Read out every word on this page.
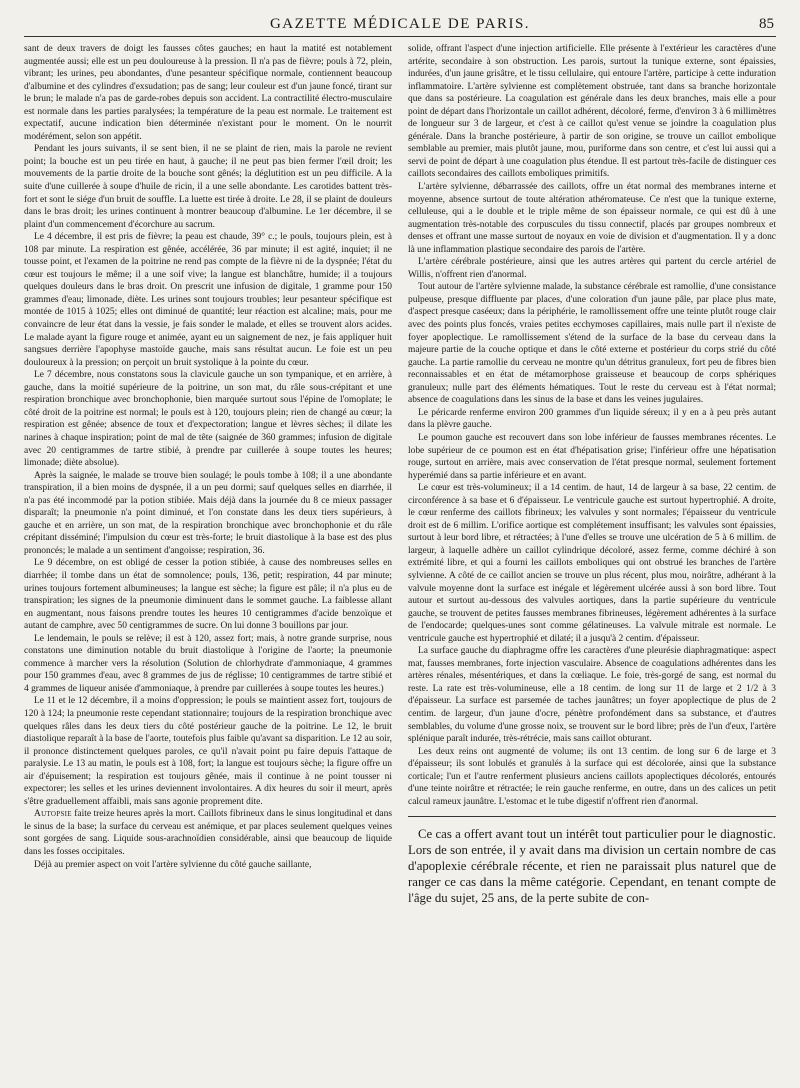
GAZETTE MÉDICALE DE PARIS.	85

sant de deux travers de doigt les fausses côtes gauches; en haut la matité est notablement augmentée aussi; elle est un peu douloureuse à la pression. Il n'a pas de fièvre; pouls à 72, plein, vibrant; les urines, peu abondantes, d'une pesanteur spécifique normale, contiennent beaucoup d'albumine et des cylindres d'exsudation; pas de sang; leur couleur est d'un jaune foncé, tirant sur le brun; le malade n'a pas de garde-robes depuis son accident. La contractilité électro-musculaire est normale dans les parties paralysées; la température de la peau est normale. Le traitement est expectatif, aucune indication bien déterminée n'existant pour le moment. On le nourrit modérément, selon son appétit.

Pendant les jours suivants, il se sent bien, il ne se plaint de rien, mais la parole ne revient point; la bouche est un peu tirée en haut, à gauche; il ne peut pas bien fermer l'œil droit; les mouvements de la partie droite de la bouche sont gênés; la déglutition est un peu difficile. A la suite d'une cuillerée à soupe d'huile de ricin, il a une selle abondante. Les carotides battent très-fort et sont le siége d'un bruit de souffle. La luette est tirée à droite. Le 28, il se plaint de douleurs dans le bras droit; les urines continuent à montrer beaucoup d'albumine. Le 1er décembre, il se plaint d'un commencement d'écorchure au sacrum.

Le 4 décembre, il est pris de fièvre; la peau est chaude, 39° c.; le pouls, toujours plein, est à 108 par minute. La respiration est gênée, accélérée, 36 par minute; il est agité, inquiet; il ne tousse point, et l'examen de la poitrine ne rend pas compte de la fièvre ni de la dyspnée; l'état du cœur est toujours le même; il a une soif vive; la langue est blanchâtre, humide; il a toujours quelques douleurs dans le bras droit. On prescrit une infusion de digitale, 1 gramme pour 150 grammes d'eau; limonade, diète. Les urines sont toujours troubles; leur pesanteur spécifique est montée de 1015 à 1025; elles ont diminué de quantité; leur réaction est alcaline; mais, pour me convaincre de leur état dans la vessie, je fais sonder le malade, et elles se trouvent alors acides. Le malade ayant la figure rouge et animée, ayant eu un saignement de nez, je fais appliquer huit sangsues derrière l'apophyse mastoïde gauche, mais sans résultat aucun. Le foie est un peu douloureux à la pression; on perçoit un bruit systolique à la pointe du cœur.

Le 7 décembre, nous constatons sous la clavicule gauche un son tympanique, et en arrière, à gauche, dans la moitié supérieure de la poitrine, un son mat, du râle sous-crépitant et une respiration bronchique avec bronchophonie, bien marquée surtout sous l'épine de l'omoplate; le côté droit de la poitrine est normal; le pouls est à 120, toujours plein; rien de changé au cœur; la respiration est gênée; absence de toux et d'expectoration; langue et lèvres sèches; il dilate les narines à chaque inspiration; point de mal de tête (saignée de 360 grammes; infusion de digitale avec 20 centigrammes de tartre stibié, à prendre par cuillerée à soupe toutes les heures; limonade; diète absolue).

Après la saignée, le malade se trouve bien soulagé; le pouls tombe à 108; il a une abondante transpiration, il a bien moins de dyspnée, il a un peu dormi; sauf quelques selles en diarrhée, il n'a pas été incommodé par la potion stibiée. Mais déjà dans la journée du 8 ce mieux passager disparaît; la pneumonie n'a point diminué, et l'on constate dans les deux tiers supérieurs, à gauche et en arrière, un son mat, de la respiration bronchique avec bronchophonie et du râle crépitant disséminé; l'impulsion du cœur est très-forte; le bruit diastolique à la base est des plus prononcés; le malade a un sentiment d'angoisse; respiration, 36.

Le 9 décembre, on est obligé de cesser la potion stibiée, à cause des nombreuses selles en diarrhée; il tombe dans un état de somnolence; pouls, 136, petit; respiration, 44 par minute; urines toujours fortement albumineuses; la langue est sèche; la figure est pâle; il n'a plus eu de transpiration; les signes de la pneumonie diminuent dans le sommet gauche. La faiblesse allant en augmentant, nous faisons prendre toutes les heures 10 centigrammes d'acide benzoïque et autant de camphre, avec 50 centigrammes de sucre. On lui donne 3 bouillons par jour.

Le lendemain, le pouls se relève; il est à 120, assez fort; mais, à notre grande surprise, nous constatons une diminution notable du bruit diastolique à l'origine de l'aorte; la pneumonie commence à marcher vers la résolution (Solution de chlorhydrate d'ammoniaque, 4 grammes pour 150 grammes d'eau, avec 8 grammes de jus de réglisse; 10 centigrammes de tartre stibié et 4 grammes de liqueur anisée d'ammoniaque, à prendre par cuillerées à soupe toutes les heures.)

Le 11 et le 12 décembre, il a moins d'oppression; le pouls se maintient assez fort, toujours de 120 à 124; la pneumonie reste cependant stationnaire; toujours de la respiration bronchique avec quelques râles dans les deux tiers du côté postérieur gauche de la poitrine. Le 12, le bruit diastolique reparaît à la base de l'aorte, toutefois plus faible qu'avant sa disparition. Le 12 au soir, il prononce distinctement quelques paroles, ce qu'il n'avait point pu faire depuis l'attaque de paralysie. Le 13 au matin, le pouls est à 108, fort; la langue est toujours sèche; la figure offre un air d'épuisement; la respiration est toujours gênée, mais il continue à ne point tousser ni expectorer; les selles et les urines deviennent involontaires. A dix heures du soir il meurt, après s'être graduellement affaibli, mais sans agonie proprement dite.

Autopsie faite treize heures après la mort. Caillots fibrineux dans le sinus longitudinal et dans le sinus de la base; la surface du cerveau est anémique, et par places seulement quelques veines sont gorgées de sang. Liquide sous-arachnoïdien considérable, ainsi que beaucoup de liquide dans les fosses occipitales.

Déjà au premier aspect on voit l'artère sylvienne du côté gauche saillante,

solide, offrant l'aspect d'une injection artificielle. Elle présente à l'extérieur les caractères d'une artérite, secondaire à son obstruction. Les parois, surtout la tunique externe, sont épaissies, indurées, d'un jaune grisâtre, et le tissu cellulaire, qui entoure l'artère, participe à cette induration inflammatoire. L'artère sylvienne est complètement obstruée, tant dans sa branche horizontale que dans sa postérieure. La coagulation est générale dans les deux branches, mais elle a pour point de départ dans l'horizontale un caillot adhérent, décoloré, ferme, d'environ 3 à 6 millimètres de longueur sur 3 de largeur, et c'est à ce caillot qu'est venue se joindre la coagulation plus générale. Dans la branche postérieure, à partir de son origine, se trouve un caillot embolique semblable au premier, mais plutôt jaune, mou, puriforme dans son centre, et c'est lui aussi qui a servi de point de départ à une coagulation plus étendue. Il est partout très-facile de distinguer ces caillots secondaires des caillots emboliques primitifs.

L'artère sylvienne, débarrassée des caillots, offre un état normal des membranes interne et moyenne, absence surtout de toute altération athéromateuse. Ce n'est que la tunique externe, celluleuse, qui a le double et le triple même de son épaisseur normale, ce qui est dû à une augmentation très-notable des corpuscules du tissu connectif, placés par groupes nombreux et denses et offrant une masse surtout de noyaux en voie de division et d'augmentation. Il y a donc là une inflammation plastique secondaire des parois de l'artère.

L'artère cérébrale postérieure, ainsi que les autres artères qui partent du cercle artériel de Willis, n'offrent rien d'anormal.

Tout autour de l'artère sylvienne malade, la substance cérébrale est ramollie, d'une consistance pulpeuse, presque diffluente par places, d'une coloration d'un jaune pâle, par place plus mate, d'aspect presque caséeux; dans la périphérie, le ramollissement offre une teinte plutôt rouge clair avec des points plus foncés, vraies petites ecchymoses capillaires, mais nulle part il n'existe de foyer apoplectique. Le ramollissement s'étend de la surface de la base du cerveau dans la majeure partie de la couche optique et dans le côté externe et postérieur du corps strié du côté gauche. La partie ramollie du cerveau ne montre qu'un détritus granuleux, fort peu de fibres bien reconnaissables et en état de métamorphose graisseuse et beaucoup de corps sphériques granuleux; nulle part des éléments hématiques. Tout le reste du cerveau est à l'état normal; absence de coagulations dans les sinus de la base et dans les veines jugulaires.

Le péricarde renferme environ 200 grammes d'un liquide séreux; il y en a à peu près autant dans la plèvre gauche.

Le poumon gauche est recouvert dans son lobe inférieur de fausses membranes récentes. Le lobe supérieur de ce poumon est en état d'hépatisation grise; l'inférieur offre une hépatisation rouge, surtout en arrière, mais avec conservation de l'état presque normal, seulement fortement hyperémié dans sa partie inférieure et en avant.

Le cœur est très-volumineux; il a 14 centim. de haut, 14 de largeur à sa base, 22 centim. de circonférence à sa base et 6 d'épaisseur. Le ventricule gauche est surtout hypertrophié. A droite, le cœur renferme des caillots fibrineux; les valvules y sont normales; l'épaisseur du ventricule droit est de 6 millim. L'orifice aortique est complétement insuffisant; les valvules sont épaissies, surtout à leur bord libre, et rétractées; à l'une d'elles se trouve une ulcération de 5 à 6 millim. de largeur, à laquelle adhère un caillot cylindrique décoloré, assez ferme, comme déchiré à son extrémité libre, et qui a fourni les caillots emboliques qui ont obstrué les branches de l'artère sylvienne. A côté de ce caillot ancien se trouve un plus récent, plus mou, noirâtre, adhérant à la valvule moyenne dont la surface est inégale et légèrement ulcérée aussi à son bord libre. Tout autour et surtout au-dessous des valvules aortiques, dans la partie supérieure du ventricule gauche, se trouvent de petites fausses membranes fibrineuses, légèrement adhérentes à la surface de l'endocarde; quelques-unes sont comme gélatineuses. La valvule mitrale est normale. Le ventricule gauche est hypertrophié et dilaté; il a jusqu'à 2 centim. d'épaisseur.

La surface gauche du diaphragme offre les caractères d'une pleurésie diaphragmatique: aspect mat, fausses membranes, forte injection vasculaire. Absence de coagulations adhérentes dans les artères rénales, mésentériques, et dans la cœliaque. Le foie, très-gorgé de sang, est normal du reste. La rate est très-volumineuse, elle a 18 centim. de long sur 11 de large et 2 1/2 à 3 d'épaisseur. La surface est parsemée de taches jaunâtres; un foyer apoplectique de plus de 2 centim. de largeur, d'un jaune d'ocre, pénètre profondément dans sa substance, et d'autres semblables, du volume d'une grosse noix, se trouvent sur le bord libre; près de l'un d'eux, l'artère splénique paraît indurée, très-rétrécie, mais sans caillot obturant.

Les deux reins ont augmenté de volume; ils ont 13 centim. de long sur 6 de large et 3 d'épaisseur; ils sont lobulés et granulés à la surface qui est décolorée, ainsi que la substance corticale; l'un et l'autre renferment plusieurs anciens caillots apoplectiques décolorés, entourés d'une teinte noirâtre et rétractée; le rein gauche renferme, en outre, dans un des calices un petit calcul rameux jaunâtre. L'estomac et le tube digestif n'offrent rien d'anormal.

Ce cas a offert avant tout un intérêt tout particulier pour le diagnostic. Lors de son entrée, il y avait dans ma division un certain nombre de cas d'apoplexie cérébrale récente, et rien ne paraissait plus naturel que de ranger ce cas dans la même catégorie. Cependant, en tenant compte de l'âge du sujet, 25 ans, de la perte subite de con-
